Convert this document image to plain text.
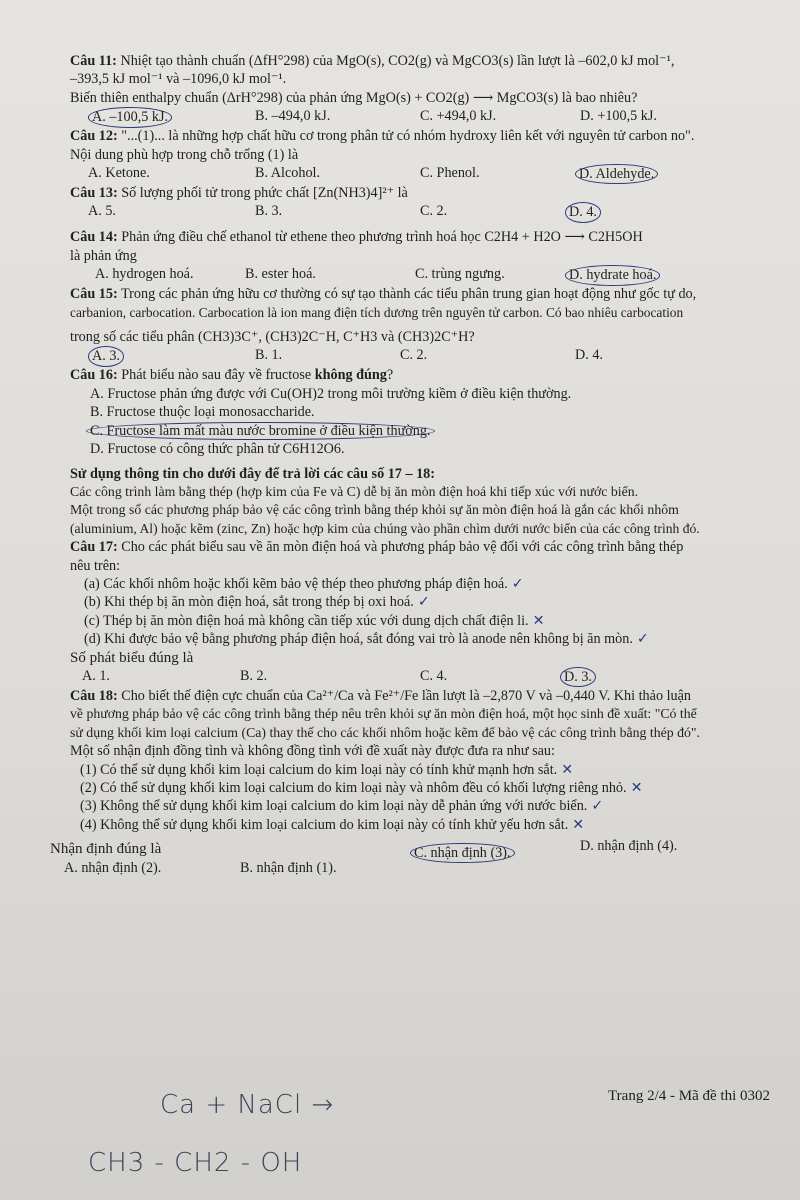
Câu 11: Nhiệt tạo thành chuẩn (ΔfH°298) của MgO(s), CO2(g) và MgCO3(s) lần lượt là –602,0 kJ mol⁻¹,
–393,5 kJ mol⁻¹ và –1096,0 kJ mol⁻¹.
Biến thiên enthalpy chuẩn (ΔrH°298) của phản ứng MgO(s) + CO2(g) ⟶ MgCO3(s) là bao nhiêu?
A. –100,5 kJ.	B. –494,0 kJ.	C. +494,0 kJ.	D. +100,5 kJ.
Câu 12: "...(1)... là những hợp chất hữu cơ trong phân tử có nhóm hydroxy liên kết với nguyên tử carbon no".
Nội dung phù hợp trong chỗ trống (1) là
A. Ketone.	B. Alcohol.	C. Phenol.	D. Aldehyde.
Câu 13: Số lượng phối tử trong phức chất [Zn(NH3)4]²⁺ là
A. 5.	B. 3.	C. 2.	D. 4.
Câu 14: Phản ứng điều chế ethanol từ ethene theo phương trình hoá học C2H4 + H2O ⟶ C2H5OH
là phản ứng
A. hydrogen hoá.	B. ester hoá.	C. trùng ngưng.	D. hydrate hoá.
Câu 15: Trong các phản ứng hữu cơ thường có sự tạo thành các tiểu phân trung gian hoạt động như gốc tự do,
carbanion, carbocation. Carbocation là ion mang điện tích dương trên nguyên tử carbon. Có bao nhiêu carbocation
trong số các tiểu phân (CH3)3C⁺, (CH3)2C⁻H, C⁺H3 và (CH3)2C⁺H?
A. 3.	B. 1.	C. 2.	D. 4.
Câu 16: Phát biểu nào sau đây về fructose không đúng?
A. Fructose phản ứng được với Cu(OH)2 trong môi trường kiềm ở điều kiện thường.
B. Fructose thuộc loại monosaccharide.
C. Fructose làm mất màu nước bromine ở điều kiện thường.
D. Fructose có công thức phân tử C6H12O6.
Sử dụng thông tin cho dưới đây để trả lời các câu số 17 – 18:
Các công trình làm bằng thép (hợp kim của Fe và C) dễ bị ăn mòn điện hoá khi tiếp xúc với nước biển.
Một trong số các phương pháp bảo vệ các công trình bằng thép khỏi sự ăn mòn điện hoá là gắn các khối nhôm
(aluminium, Al) hoặc kẽm (zinc, Zn) hoặc hợp kim của chúng vào phần chìm dưới nước biển của các công trình đó.
Câu 17: Cho các phát biểu sau về ăn mòn điện hoá và phương pháp bảo vệ đối với các công trình bằng thép
nêu trên:
(a) Các khối nhôm hoặc khối kẽm bảo vệ thép theo phương pháp điện hoá. ✓
(b) Khi thép bị ăn mòn điện hoá, sắt trong thép bị oxi hoá. ✓
(c) Thép bị ăn mòn điện hoá mà không cần tiếp xúc với dung dịch chất điện li. ✕
(d) Khi được bảo vệ bằng phương pháp điện hoá, sắt đóng vai trò là anode nên không bị ăn mòn. ✓
Số phát biểu đúng là
A. 1.	B. 2.	C. 4.	D. 3.
Câu 18: Cho biết thế điện cực chuẩn của Ca²⁺/Ca và Fe²⁺/Fe lần lượt là –2,870 V và –0,440 V. Khi thảo luận
về phương pháp bảo vệ các công trình bằng thép nêu trên khỏi sự ăn mòn điện hoá, một học sinh đề xuất: "Có thể
sử dụng khối kim loại calcium (Ca) thay thế cho các khối nhôm hoặc kẽm để bảo vệ các công trình bằng thép đó".
Một số nhận định đồng tình và không đồng tình với đề xuất này được đưa ra như sau:
(1) Có thể sử dụng khối kim loại calcium do kim loại này có tính khử mạnh hơn sắt. ✕
(2) Có thể sử dụng khối kim loại calcium do kim loại này và nhôm đều có khối lượng riêng nhỏ. ✕
(3) Không thể sử dụng khối kim loại calcium do kim loại này dễ phản ứng với nước biển. ✓
(4) Không thể sử dụng khối kim loại calcium do kim loại này có tính khử yếu hơn sắt. ✕
Nhận định đúng là
A. nhận định (2).	B. nhận định (1).
C. nhận định (3).	D. nhận định (4).
Trang 2/4 - Mã đề thi 0302
Ca + NaCl →
CH3 - CH2 - OH
